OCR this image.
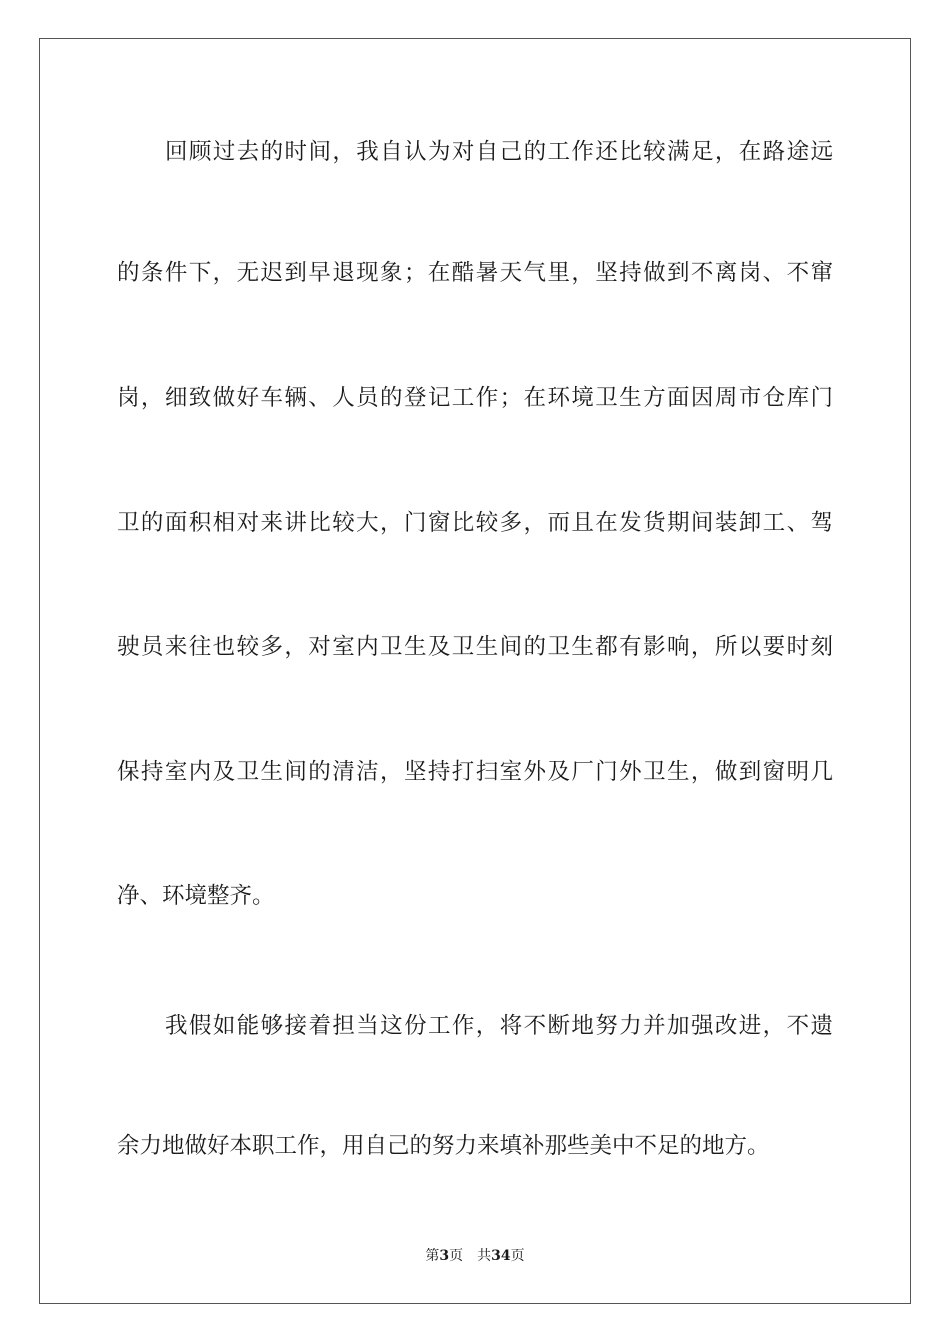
回顾过去的时间，我自认为对自己的工作还比较满足，在路途远
的条件下，无迟到早退现象；在酷暑天气里，坚持做到不离岗、不窜
岗，细致做好车辆、人员的登记工作；在环境卫生方面因周市仓库门
卫的面积相对来讲比较大，门窗比较多，而且在发货期间装卸工、驾
驶员来往也较多，对室内卫生及卫生间的卫生都有影响，所以要时刻
保持室内及卫生间的清洁，坚持打扫室外及厂门外卫生，做到窗明几
净、环境整齐。
我假如能够接着担当这份工作，将不断地努力并加强改进，不遗
余力地做好本职工作，用自己的努力来填补那些美中不足的地方。
第3页 共34页
